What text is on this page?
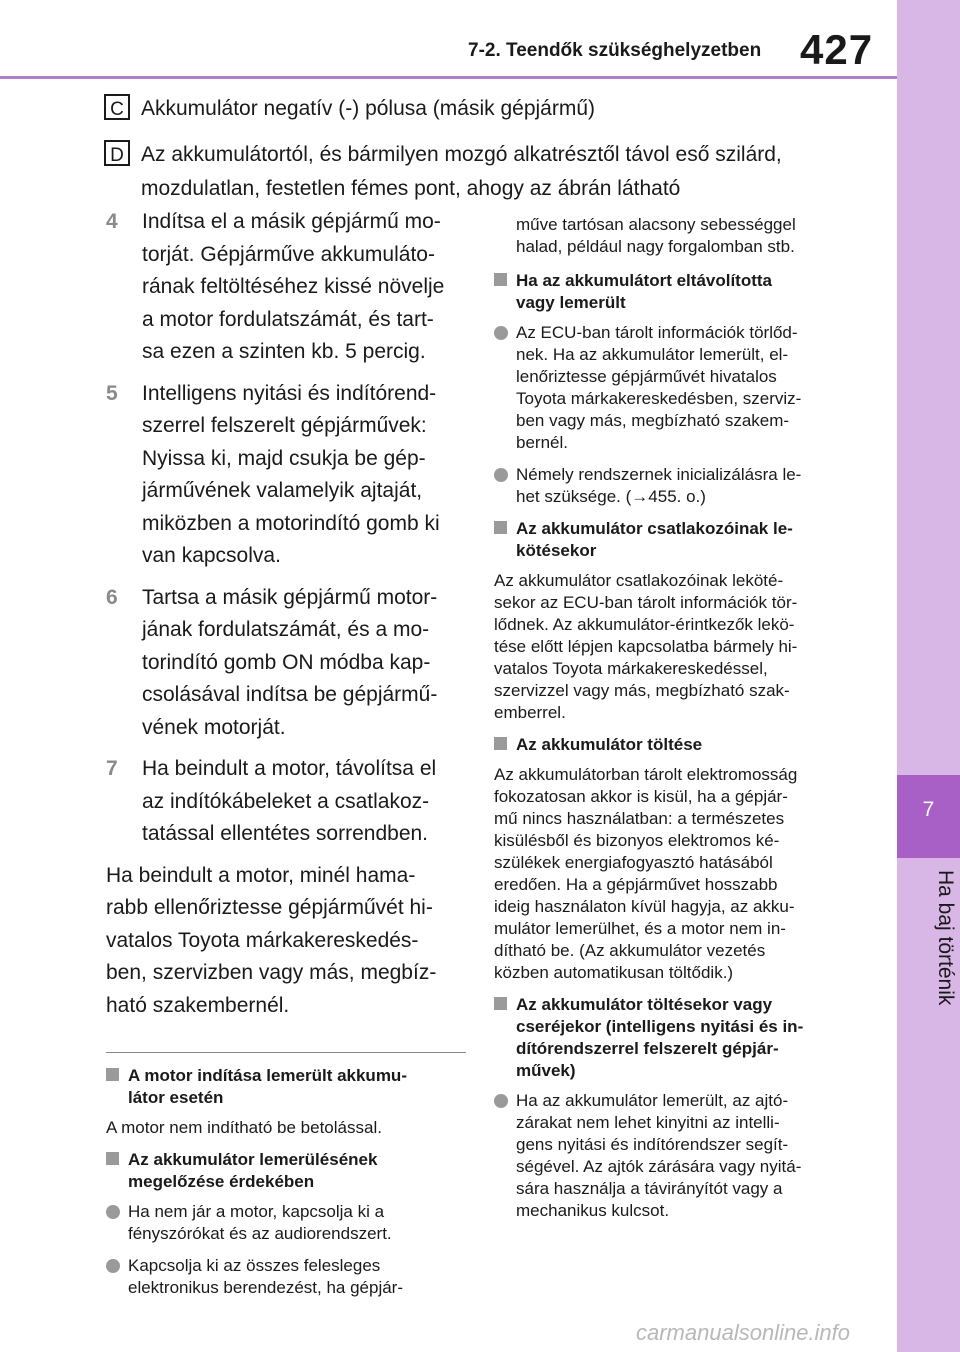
7
Ha baj történik
7-2. Teendők szükséghelyzetben 427
C Akkumulátor negatív (-) pólusa (másik gépjármű)
D Az akkumulátortól, és bármilyen mozgó alkatrésztől távol eső szilárd,
mozdulatlan, festetlen fémes pont, ahogy az ábrán látható
4 Indítsa el a másik gépjármű mo-
torját. Gépjárműve akkumuláto-
rának feltöltéséhez kissé növelje
a motor fordulatszámát, és tart-
sa ezen a szinten kb. 5 percig.
5 Intelligens nyitási és indítórend-
szerrel felszerelt gépjárművek:
Nyissa ki, majd csukja be gép-
járművének valamelyik ajtaját,
miközben a motorindító gomb ki
van kapcsolva.
6 Tartsa a másik gépjármű motor-
jának fordulatszámát, és a mo-
torindító gomb ON módba kap-
csolásával indítsa be gépjármű-
vének motorját.
7 Ha beindult a motor, távolítsa el
az indítókábeleket a csatlakoz-
tatással ellentétes sorrendben.
Ha beindult a motor, minél hama-
rabb ellenőriztesse gépjárművét hi-
vatalos Toyota márkakereskedés-
ben, szervizben vagy más, megbíz-
ható szakembernél.
A motor indítása lemerült akkumu-
látor esetén
A motor nem indítható be betolással.
Az akkumulátor lemerülésének
megelőzése érdekében
Ha nem jár a motor, kapcsolja ki a
fényszórókat és az audiorendszert.
Kapcsolja ki az összes felesleges
elektronikus berendezést, ha gépjár-
műve tartósan alacsony sebességgel
halad, például nagy forgalomban stb.
Ha az akkumulátort eltávolította
vagy lemerült
Az ECU-ban tárolt információk törlőd-
nek. Ha az akkumulátor lemerült, el-
lenőriztesse gépjárművét hivatalos
Toyota márkakereskedésben, szerviz-
ben vagy más, megbízható szakem-
bernél.
Némely rendszernek inicializálásra le-
het szüksége. (→455. o.)
Az akkumulátor csatlakozóinak le-
kötésekor
Az akkumulátor csatlakozóinak leköté-
sekor az ECU-ban tárolt információk tör-
lődnek. Az akkumulátor-érintkezők lekö-
tése előtt lépjen kapcsolatba bármely hi-
vatalos Toyota márkakereskedéssel,
szervizzel vagy más, megbízható szak-
emberrel.
Az akkumulátor töltése
Az akkumulátorban tárolt elektromosság
fokozatosan akkor is kisül, ha a gépjár-
mű nincs használatban: a természetes
kisülésből és bizonyos elektromos ké-
szülékek energiafogyasztó hatásából
eredően. Ha a gépjárművet hosszabb
ideig használaton kívül hagyja, az akku-
mulátor lemerülhet, és a motor nem in-
dítható be. (Az akkumulátor vezetés
közben automatikusan töltődik.)
Az akkumulátor töltésekor vagy
cseréjekor (intelligens nyitási és in-
dítórendszerrel felszerelt gépjár-
művek)
Ha az akkumulátor lemerült, az ajtó-
zárakat nem lehet kinyitni az intelli-
gens nyitási és indítórendszer segít-
ségével. Az ajtók zárására vagy nyitá-
sára használja a távirányítót vagy a
mechanikus kulcsot.
carmanualsonline.info
